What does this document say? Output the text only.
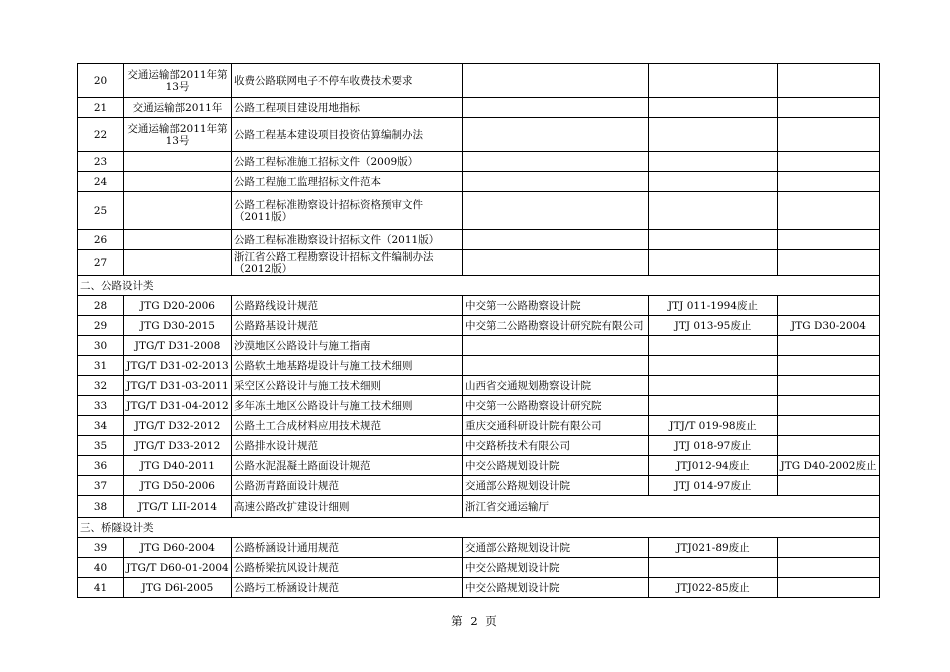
20	交通运输部2011年第13号	收费公路联网电子不停车收费技术要求			
21	交通运输部2011年	公路工程项目建设用地指标			
22	交通运输部2011年第13号	公路工程基本建设项目投资估算编制办法			
23		公路工程标准施工招标文件（2009版）			
24		公路工程施工监理招标文件范本			
25		公路工程标准勘察设计招标资格预审文件（2011版）			
26		公路工程标准勘察设计招标文件（2011版）			
27		浙江省公路工程勘察设计招标文件编制办法（2012版）			
二、公路设计类					
28	JTG D20-2006	公路路线设计规范	中交第一公路勘察设计院	JTJ 011-1994废止	
29	JTG D30-2015	公路路基设计规范	中交第二公路勘察设计研究院有限公司	JTJ 013-95废止	JTG D30-2004
30	JTG/T D31-2008	沙漠地区公路设计与施工指南			
31	JTG/T D31-02-2013	公路软土地基路堤设计与施工技术细则			
32	JTG/T D31-03-2011	采空区公路设计与施工技术细则	山西省交通规划勘察设计院		
33	JTG/T D31-04-2012	多年冻土地区公路设计与施工技术细则	中交第一公路勘察设计研究院		
34	JTG/T D32-2012	公路土工合成材料应用技术规范	重庆交通科研设计院有限公司	JTJ/T 019-98废止	
35	JTG/T D33-2012	公路排水设计规范	中交路桥技术有限公司	JTJ 018-97废止	
36	JTG D40-2011	公路水泥混凝土路面设计规范	中交公路规划设计院	JTJ012-94废止	JTG D40-2002废止
37	JTG D50-2006	公路沥青路面设计规范	交通部公路规划设计院	JTJ 014-97废止	
38	JTG/T LII-2014	高速公路改扩建设计细则	浙江省交通运输厅		
三、桥隧设计类					
39	JTG D60-2004	公路桥涵设计通用规范	交通部公路规划设计院	JTJ021-89废止	
40	JTG/T D60-01-2004	公路桥梁抗风设计规范	中交公路规划设计院		
41	JTG D6l-2005	公路圬工桥涵设计规范	中交公路规划设计院	JTJ022-85废止	
第 2 页
